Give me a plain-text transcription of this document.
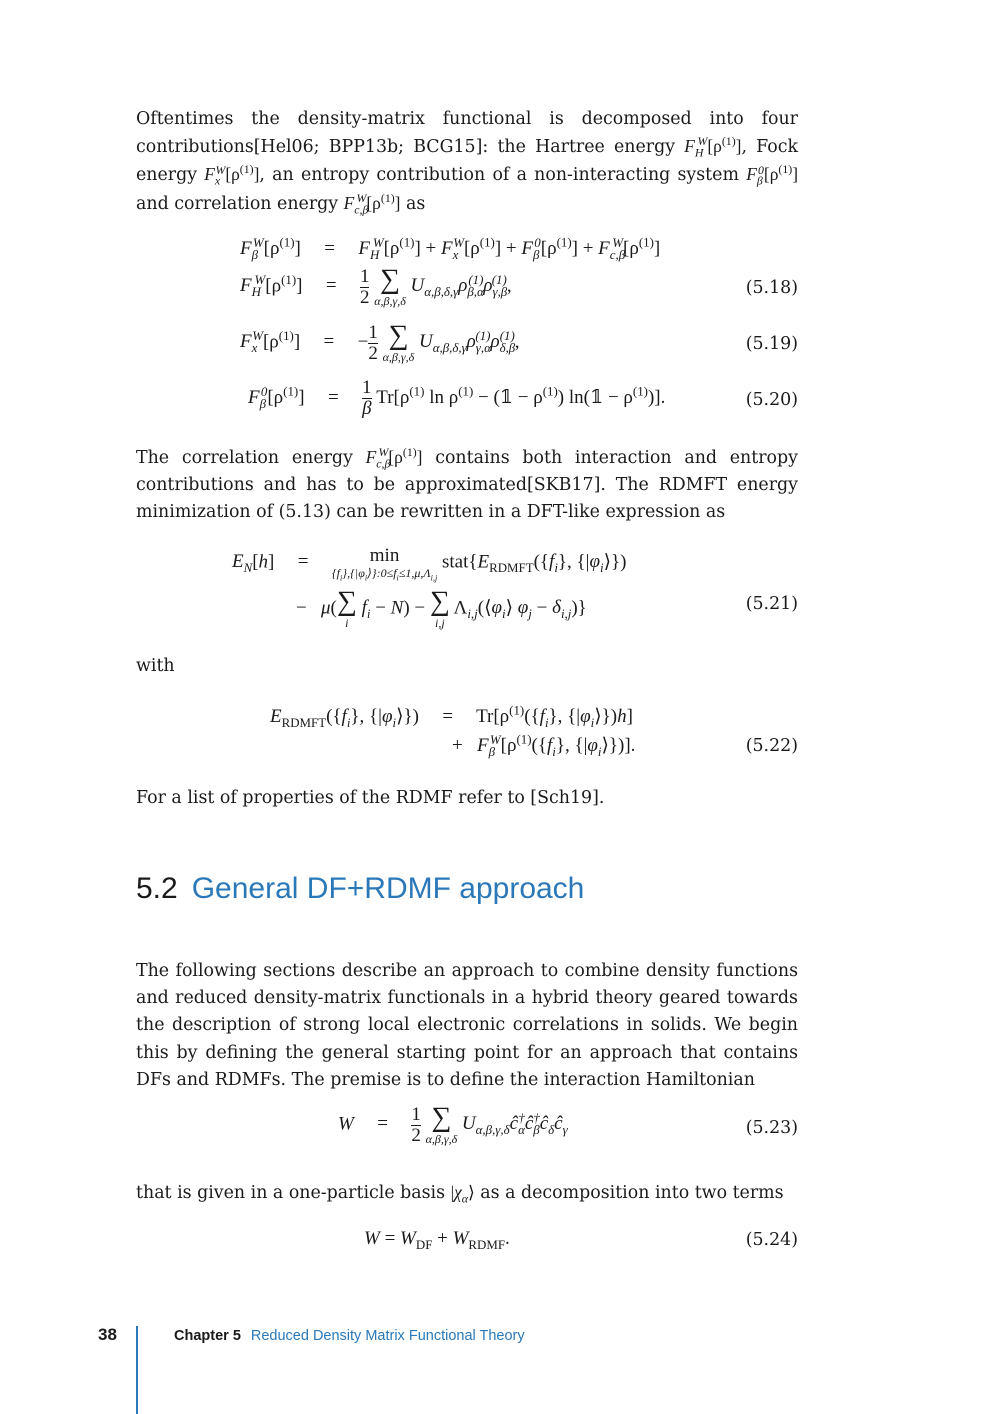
Oftentimes the density-matrix functional is decomposed into four contributions[Hel06; BPP13b; BCG15]: the Hartree energy $F_H^W[\rho^{(1)}]$, Fock energy $F_x^W[\rho^{(1)}]$, an entropy contribution of a non-interacting system $F_\beta^0[\rho^{(1)}]$ and correlation energy $F_{c,\beta}^W[\rho^{(1)}]$ as

$F_\beta^W[\rho^{(1)}] = F_H^W[\rho^{(1)}] + F_x^W[\rho^{(1)}] + F_\beta^0[\rho^{(1)}] + F_{c,\beta}^W[\rho^{(1)}]$
$F_H^W[\rho^{(1)}] = \frac{1}{2}$
∑
α,β,γ,δ
$U_{\alpha,\beta,\delta,\gamma}\rho_{\beta,\alpha}^{(1)}\rho_{\gamma,\beta}^{(1)}$,	(5.18)
$F_x^W[\rho^{(1)}]$ = − $\frac{1}{2}$
∑
α,β,γ,δ
$U_{\alpha,\beta,\delta,\gamma}\rho_{\gamma,\alpha}^{(1)}\rho_{\delta,\beta}^{(1)}$,	(5.19)
$F_\beta^0[\rho^{(1)}] = \frac{1}{\beta} Tr[\rho^{(1)}$ $\ln \rho^{(1)}$ − (𝟙 − $\rho^{(1)}$) ln(𝟙 − $\rho^{(1)}$)].	(5.20)

The correlation energy $F_{c,\beta}^W[\rho^{(1)}]$ contains both interaction and entropy contributions and has to be approximated[SKB17]. The RDMFT energy minimization of (5.13) can be rewritten in a DFT-like expression as

$E_N[h]$ =	min
$\{f_i\},\{|\varphi_i⟩\}:0\le f_i\le 1,\mu,\Lambda_{i,j}$
$stat\{E_{RDMFT}(\{f_i\}$, $\{|\varphi_i⟩\}$)
−   μ( ∑
i
$f_i - N$) − ∑
i,j
$\Lambda_{i,j}(⟨\varphi_i⟩$ $\varphi_j - \delta_{i,j}$)}	(5.21)

with

$E_{RDMFT}(\{f_i\}$, $\{|\varphi_i⟩\}) = Tr[\rho^{(1)}(\{f_i\}$, $\{|\varphi_i⟩\})h$]
+   $F_\beta^W[\rho^{(1)}(\{f_i\}$, $\{|\varphi_i⟩\}$)].	(5.22)

For a list of properties of the RDMF refer to [Sch19].

5.2 General DF+RDMF approach

The following sections describe an approach to combine density functions and reduced density-matrix functionals in a hybrid theory geared towards the description of strong local electronic correlations in solids. We begin this by defining the general starting point for an approach that contains DFs and RDMFs. The premise is to define the interaction Hamiltonian

$W = \frac{1}{2}$
∑
α,β,γ,δ
$U_{\alpha,\beta,\gamma,\delta}ĉ_\alpha^\dagger ĉ_\beta^\dagger ĉ_\delta ĉ_\gamma$	(5.23)

that is given in a one-particle basis $|\chi_\alpha⟩$ as a decomposition into two terms

$W = W_{DF} + W_{RDMF}$.	(5.24)
38	Chapter 5 Reduced Density Matrix Functional Theory
